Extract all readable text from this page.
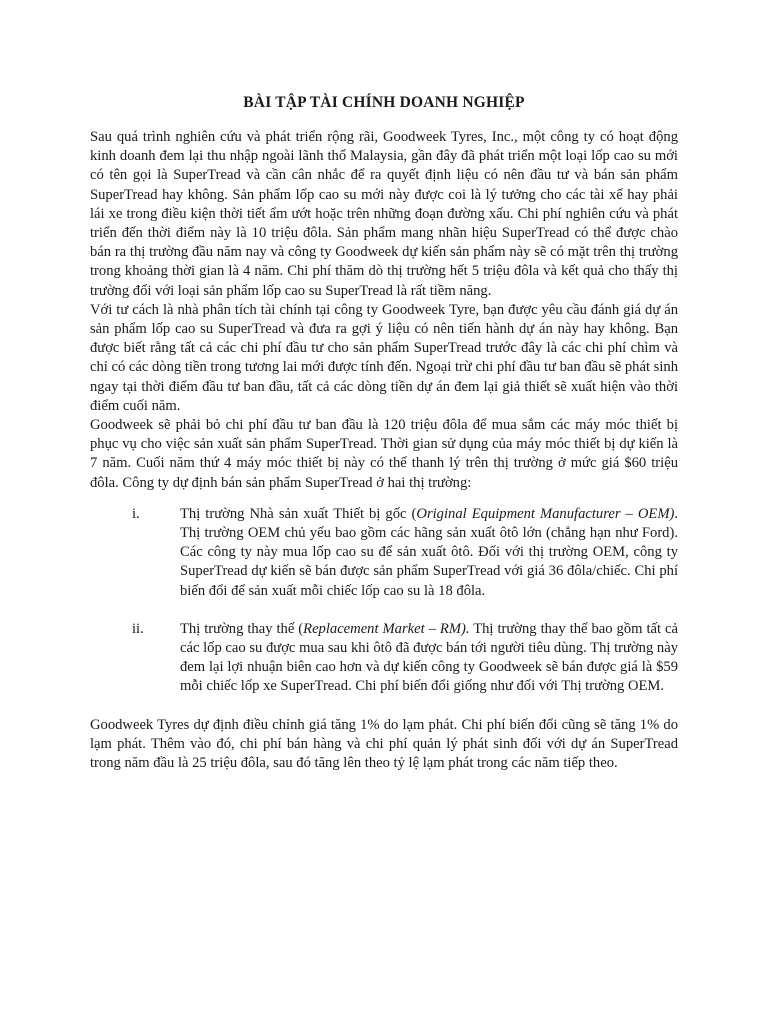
BÀI TẬP TÀI CHÍNH DOANH NGHIỆP

Sau quá trình nghiên cứu và phát triển rộng rãi, Goodweek Tyres, Inc., một công ty có hoạt động kinh doanh đem lại thu nhập ngoài lãnh thổ Malaysia, gần đây đã phát triển một loại lốp cao su mới có tên gọi là SuperTread và cần cân nhắc để ra quyết định liệu có nên đầu tư và bán sản phẩm SuperTread hay không. Sản phẩm lốp cao su mới này được coi là lý tưởng cho các tài xế hay phải lái xe trong điều kiện thời tiết ẩm ướt hoặc trên những đoạn đường xấu. Chi phí nghiên cứu và phát triển đến thời điểm này là 10 triệu đôla. Sản phẩm mang nhãn hiệu SuperTread có thể được chào bán ra thị trường đầu năm nay và công ty Goodweek dự kiến sản phẩm này sẽ có mặt trên thị trường trong khoảng thời gian là 4 năm. Chi phí thăm dò thị trường hết 5 triệu đôla và kết quả cho thấy thị trường đối với loại sản phẩm lốp cao su SuperTread là rất tiềm năng.

Với tư cách là nhà phân tích tài chính tại công ty Goodweek Tyre, bạn được yêu cầu đánh giá dự án sản phẩm lốp cao su SuperTread và đưa ra gợi ý liệu có nên tiến hành dự án này hay không. Bạn được biết rằng tất cả các chi phí đầu tư cho sản phẩm SuperTread trước đây là các chi phí chìm và chỉ có các dòng tiền trong tương lai mới được tính đến. Ngoại trừ chi phí đầu tư ban đầu sẽ phát sinh ngay tại thời điểm đầu tư ban đầu, tất cả các dòng tiền dự án đem lại giả thiết sẽ xuất hiện vào thời điểm cuối năm.

Goodweek sẽ phải bỏ chi phí đầu tư ban đầu là 120 triệu đôla để mua sắm các máy móc thiết bị phục vụ cho việc sản xuất sản phẩm SuperTread. Thời gian sử dụng của máy móc thiết bị dự kiến là 7 năm. Cuối năm thứ 4 máy móc thiết bị này có thể thanh lý trên thị trường ở mức giá $60 triệu đôla. Công ty dự định bán sản phẩm SuperTread ở hai thị trường:

i.	Thị trường Nhà sản xuất Thiết bị gốc (Original Equipment Manufacturer – OEM). Thị trường OEM chủ yếu bao gồm các hãng sản xuất ôtô lớn (chẳng hạn như Ford). Các công ty này mua lốp cao su để sản xuất ôtô. Đối với thị trường OEM, công ty SuperTread dự kiến sẽ bán được sản phẩm SuperTread với giá 36 đôla/chiếc. Chi phí biến đổi để sản xuất mỗi chiếc lốp cao su là 18 đôla.
ii.	Thị trường thay thế (Replacement Market – RM). Thị trường thay thế bao gồm tất cả các lốp cao su được mua sau khi ôtô đã được bán tới người tiêu dùng. Thị trường này đem lại lợi nhuận biên cao hơn và dự kiến công ty Goodweek sẽ bán được giá là $59 mỗi chiếc lốp xe SuperTread. Chi phí biến đổi giống như đối với Thị trường OEM.

Goodweek Tyres dự định điều chỉnh giá tăng 1% do lạm phát. Chi phí biến đổi cũng sẽ tăng 1% do lạm phát. Thêm vào đó, chi phí bán hàng và chi phí quản lý phát sinh đối với dự án SuperTread trong năm đầu là 25 triệu đôla, sau đó tăng lên theo tỷ lệ lạm phát trong các năm tiếp theo.
